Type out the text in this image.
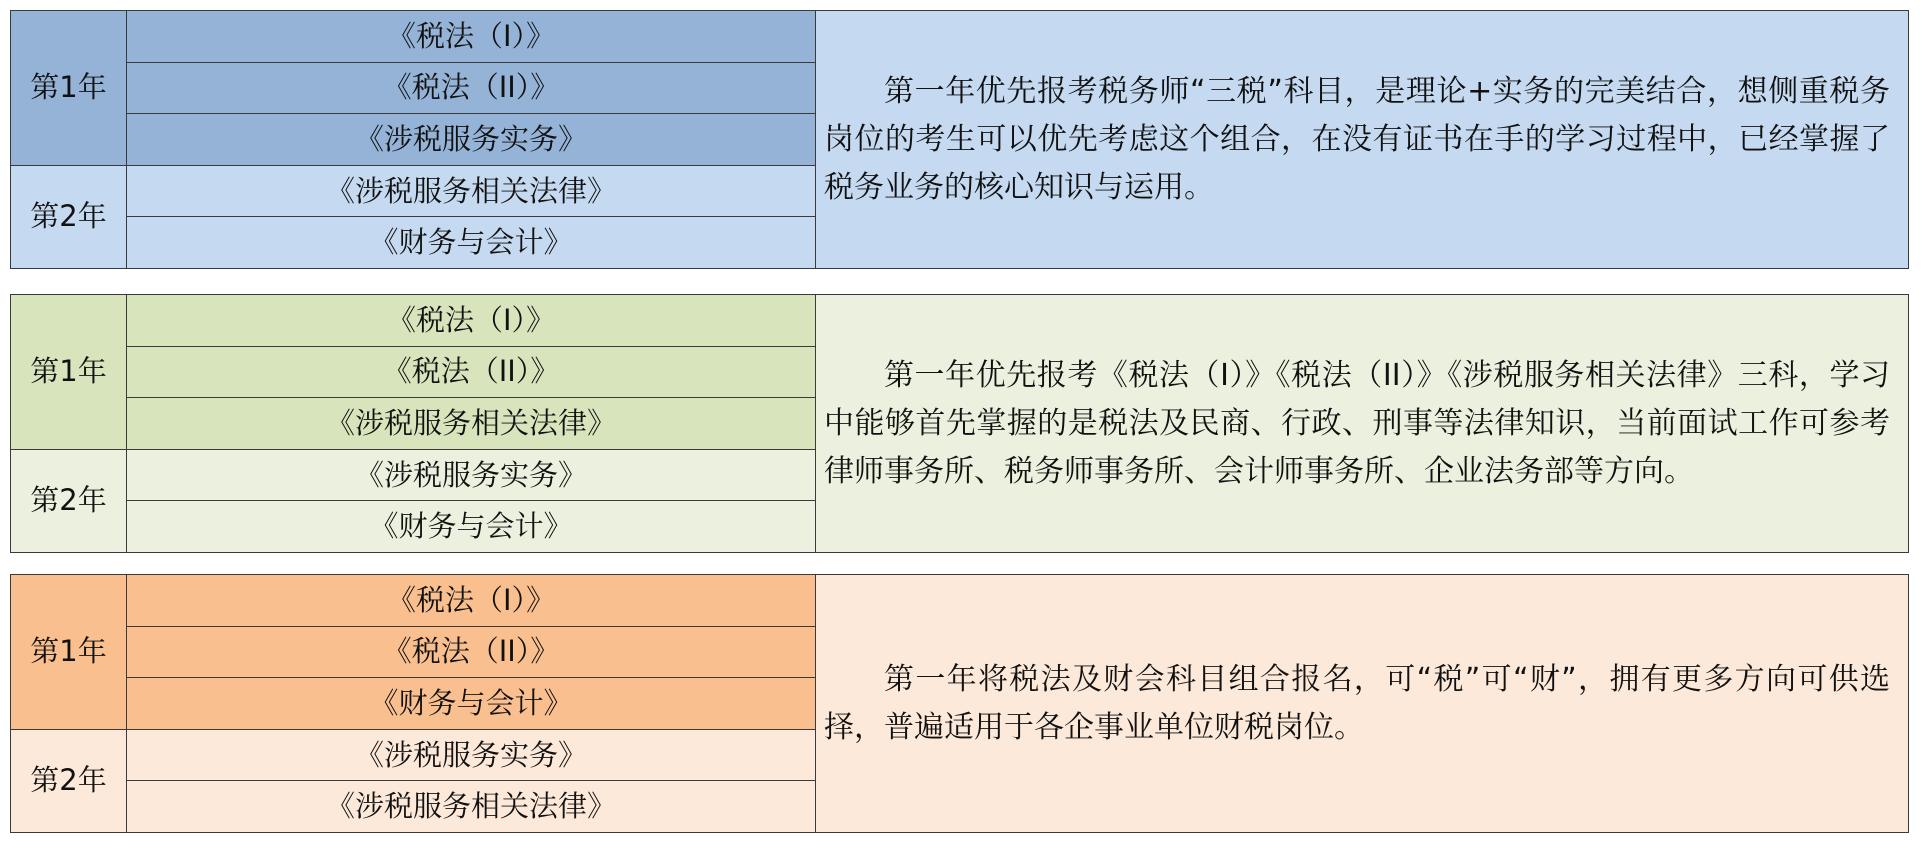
第1年	《税法（I）》	第一年优先报考税务师“三税”科目，是理论+实务的完美结合，想侧重税务岗位的考生可以优先考虑这个组合，在没有证书在手的学习过程中，已经掌握了税务业务的核心知识与运用。
	《税法（II）》	
	《涉税服务实务》	
第2年	《涉税服务相关法律》	
	《财务与会计》	
第1年	《税法（I）》	第一年优先报考《税法（I）》《税法（II）》《涉税服务相关法律》三科，学习中能够首先掌握的是税法及民商、行政、刑事等法律知识，当前面试工作可参考律师事务所、税务师事务所、会计师事务所、企业法务部等方向。
	《税法（II）》	
	《涉税服务相关法律》	
第2年	《涉税服务实务》	
	《财务与会计》	
第1年	《税法（I）》	第一年将税法及财会科目组合报名，可“税”可“财”，拥有更多方向可供选择，普遍适用于各企事业单位财税岗位。
	《税法（II）》	
	《财务与会计》	
第2年	《涉税服务实务》	
	《涉税服务相关法律》	
